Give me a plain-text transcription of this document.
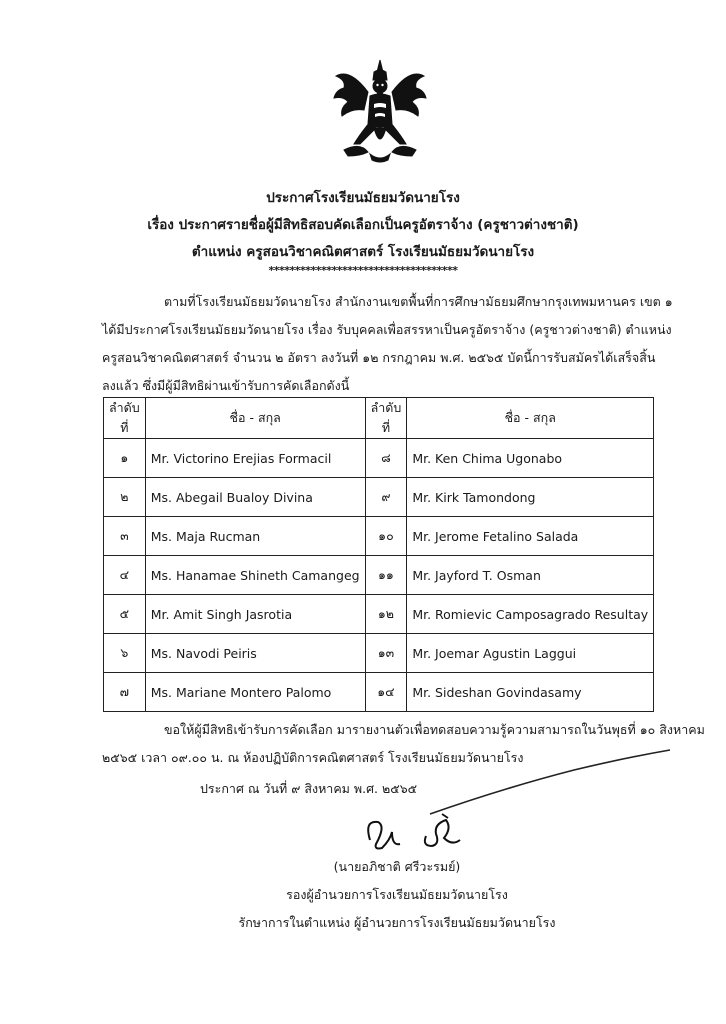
ประกาศโรงเรียนมัธยมวัดนายโรง
เรื่อง ประกาศรายชื่อผู้มีสิทธิสอบคัดเลือกเป็นครูอัตราจ้าง (ครูชาวต่างชาติ)
ตำแหน่ง ครูสอนวิชาคณิตศาสตร์ โรงเรียนมัธยมวัดนายโรง
************************************
ตามที่โรงเรียนมัธยมวัดนายโรง สำนักงานเขตพื้นที่การศึกษามัธยมศึกษากรุงเทพมหานคร เขต ๑
ได้มีประกาศโรงเรียนมัธยมวัดนายโรง เรื่อง รับบุคคลเพื่อสรรหาเป็นครูอัตราจ้าง (ครูชาวต่างชาติ) ตำแหน่ง
ครูสอนวิชาคณิตศาสตร์ จำนวน ๒ อัตรา ลงวันที่ ๑๒ กรกฎาคม พ.ศ. ๒๕๖๕ บัดนี้การรับสมัครได้เสร็จสิ้น
ลงแล้ว ซึ่งมีผู้มีสิทธิผ่านเข้ารับการคัดเลือกดังนี้
ลำดับที่	ชื่อ - สกุล	ลำดับที่	ชื่อ - สกุล
๑	Mr. Victorino Erejias Formacil	๘	Mr. Ken Chima Ugonabo
๒	Ms. Abegail Bualoy Divina	๙	Mr. Kirk Tamondong
๓	Ms. Maja Rucman	๑๐	Mr. Jerome Fetalino Salada
๔	Ms. Hanamae Shineth Camangeg	๑๑	Mr. Jayford T. Osman
๕	Mr. Amit Singh Jasrotia	๑๒	Mr. Romievic Camposagrado Resultay
๖	Ms. Navodi Peiris	๑๓	Mr. Joemar Agustin Laggui
๗	Ms. Mariane Montero Palomo	๑๔	Mr. Sideshan Govindasamy
ขอให้ผู้มีสิทธิเข้ารับการคัดเลือก มารายงานตัวเพื่อทดสอบความรู้ความสามารถในวันพุธที่ ๑๐ สิงหาคม
๒๕๖๕ เวลา ๐๙.๐๐ น. ณ ห้องปฏิบัติการคณิตศาสตร์ โรงเรียนมัธยมวัดนายโรง
ประกาศ ณ วันที่ ๙ สิงหาคม พ.ศ. ๒๕๖๕
(นายอภิชาติ ศรีวะรมย์)
รองผู้อำนวยการโรงเรียนมัธยมวัดนายโรง
รักษาการในตำแหน่ง ผู้อำนวยการโรงเรียนมัธยมวัดนายโรง
